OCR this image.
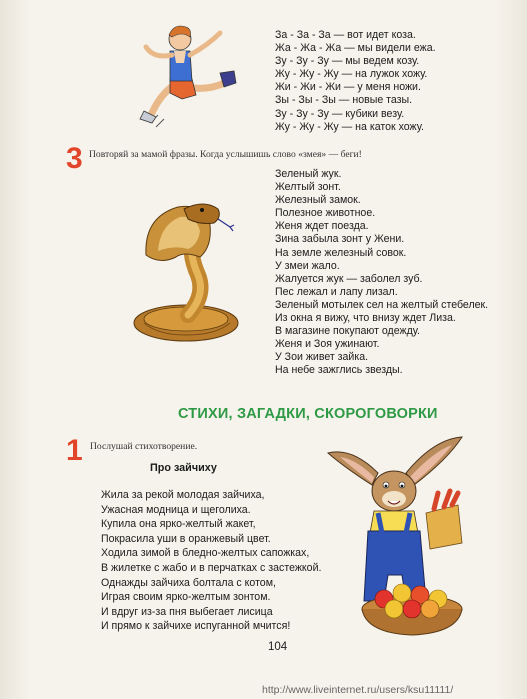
За - За - За — вот идет коза.
Жа - Жа - Жа — мы видели ежа.
Зу - Зу - Зу — мы ведем козу.
Жу - Жу - Жу — на лужок хожу.
Жи - Жи - Жи — у меня ножи.
Зы - Зы - Зы — новые тазы.
Зу - Зу - Зу — кубики везу.
Жу - Жу - Жу — на каток хожу.
3 Повторяй за мамой фразы. Когда услышишь слово «змея» — беги!
Зеленый жук.
Желтый зонт.
Железный замок.
Полезное животное.
Женя ждет поезда.
Зина забыла зонт у Жени.
На земле железный совок.
У змеи жало.
Жалуется жук — заболел зуб.
Пес лежал и лапу лизал.
Зеленый мотылек сел на желтый стебелек.
Из окна я вижу, что внизу ждет Лиза.
В магазине покупают одежду.
Женя и Зоя ужинают.
У Зои живет зайка.
На небе зажглись звезды.
СТИХИ, ЗАГАДКИ, СКОРОГОВОРКИ
1 Послушай стихотворение.
Про зайчиху
Жила за рекой молодая зайчиха,
Ужасная модница и щеголиха.
Купила она ярко-желтый жакет,
Покрасила уши в оранжевый цвет.
Ходила зимой в бледно-желтых сапожках,
В жилетке с жабо и в перчатках с застежкой.
Однажды зайчиха болтала с котом,
Играя своим ярко-желтым зонтом.
И вдруг из-за пня выбегает лисица
И прямо к зайчихе испуганной мчится!
104
http://www.liveinternet.ru/users/ksu11111/
